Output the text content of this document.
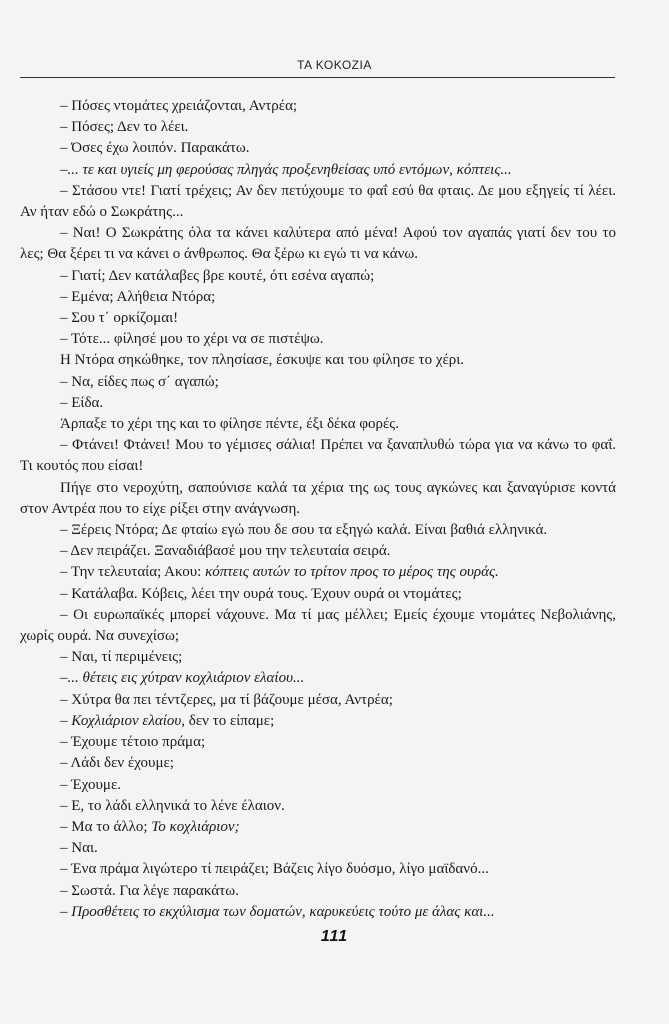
ΤΑ ΚΟΚΟΖΙΑ

– Πόσες ντομάτες χρειάζονται, Αντρέα;

– Πόσες; Δεν το λέει.

– Όσες έχω λοιπόν. Παρακάτω.

–... τε και υγιείς μη φερούσας πληγάς προξενηθείσας υπό εντόμων, κόπτεις...

– Στάσου ντε! Γιατί τρέχεις; Αν δεν πετύχουμε το φαΐ εσύ θα φταις. Δε μου εξηγείς τί λέει. Αν ήταν εδώ ο Σωκράτης...

– Ναι! Ο Σωκράτης όλα τα κάνει καλύτερα από μένα! Αφού τον αγαπάς γιατί δεν του το λες; Θα ξέρει τι να κάνει ο άνθρωπος. Θα ξέρω κι εγώ τι να κάνω.

– Γιατί; Δεν κατάλαβες βρε κουτέ, ότι εσένα αγαπώ;

– Εμένα; Αλήθεια Ντόρα;

– Σου τ΄ ορκίζομαι!

– Τότε... φίλησέ μου το χέρι να σε πιστέψω.

Η Ντόρα σηκώθηκε, τον πλησίασε, έσκυψε και του φίλησε το χέρι.

– Να, είδες πως σ΄ αγαπώ;

– Είδα.

Άρπαξε το χέρι της και το φίλησε πέντε, έξι δέκα φορές.

– Φτάνει! Φτάνει! Μου το γέμισες σάλια! Πρέπει να ξαναπλυθώ τώρα για να κάνω το φαΐ. Τι κουτός που είσαι!

Πήγε στο νεροχύτη, σαπούνισε καλά τα χέρια της ως τους αγκώνες και ξαναγύρισε κοντά στον Αντρέα που το είχε ρίξει στην ανάγνωση.

– Ξέρεις Ντόρα; Δε φταίω εγώ που δε σου τα εξηγώ καλά. Είναι βαθιά ελληνικά.

– Δεν πειράζει. Ξαναδιάβασέ μου την τελευταία σειρά.

– Την τελευταία; Ακου: κόπτεις αυτών το τρίτον προς το μέρος της ουράς.

– Κατάλαβα. Κόβεις, λέει την ουρά τους. Έχουν ουρά οι ντομάτες;

– Οι ευρωπαϊκές μπορεί νάχουνε. Μα τί μας μέλλει; Εμείς έχουμε ντομάτες Νεβολιάνης, χωρίς ουρά. Να συνεχίσω;

– Ναι, τί περιμένεις;

–... θέτεις εις χύτραν κοχλιάριον ελαίου...

– Χύτρα θα πει τέντζερες, μα τί βάζουμε μέσα, Αντρέα;

– Κοχλιάριον ελαίου, δεν το είπαμε;

– Έχουμε τέτοιο πράμα;

– Λάδι δεν έχουμε;

– Έχουμε.

– Ε, το λάδι ελληνικά το λένε έλαιον.

– Μα το άλλο; Το κοχλιάριον;

– Ναι.

– Ένα πράμα λιγώτερο τί πειράζει; Βάζεις λίγο δυόσμο, λίγο μαϊδανό...

– Σωστά. Για λέγε παρακάτω.

– Προσθέτεις το εκχύλισμα των δοματών, καρυκεύεις τούτο με άλας και...

111
